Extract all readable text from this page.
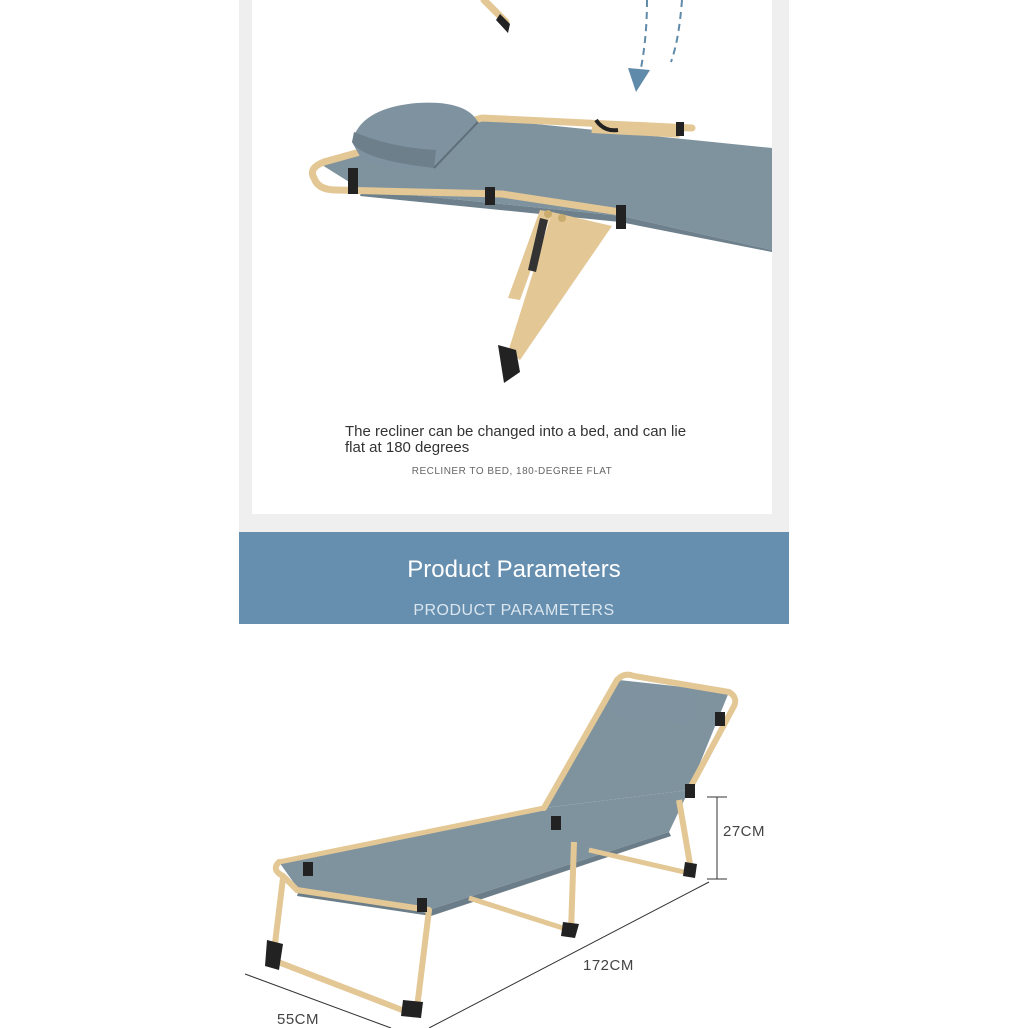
The recliner can be changed into a bed, and can lie flat at 180 degrees
RECLINER TO BED, 180-DEGREE FLAT
Product Parameters
PRODUCT PARAMETERS
27CM
172CM
55CM
